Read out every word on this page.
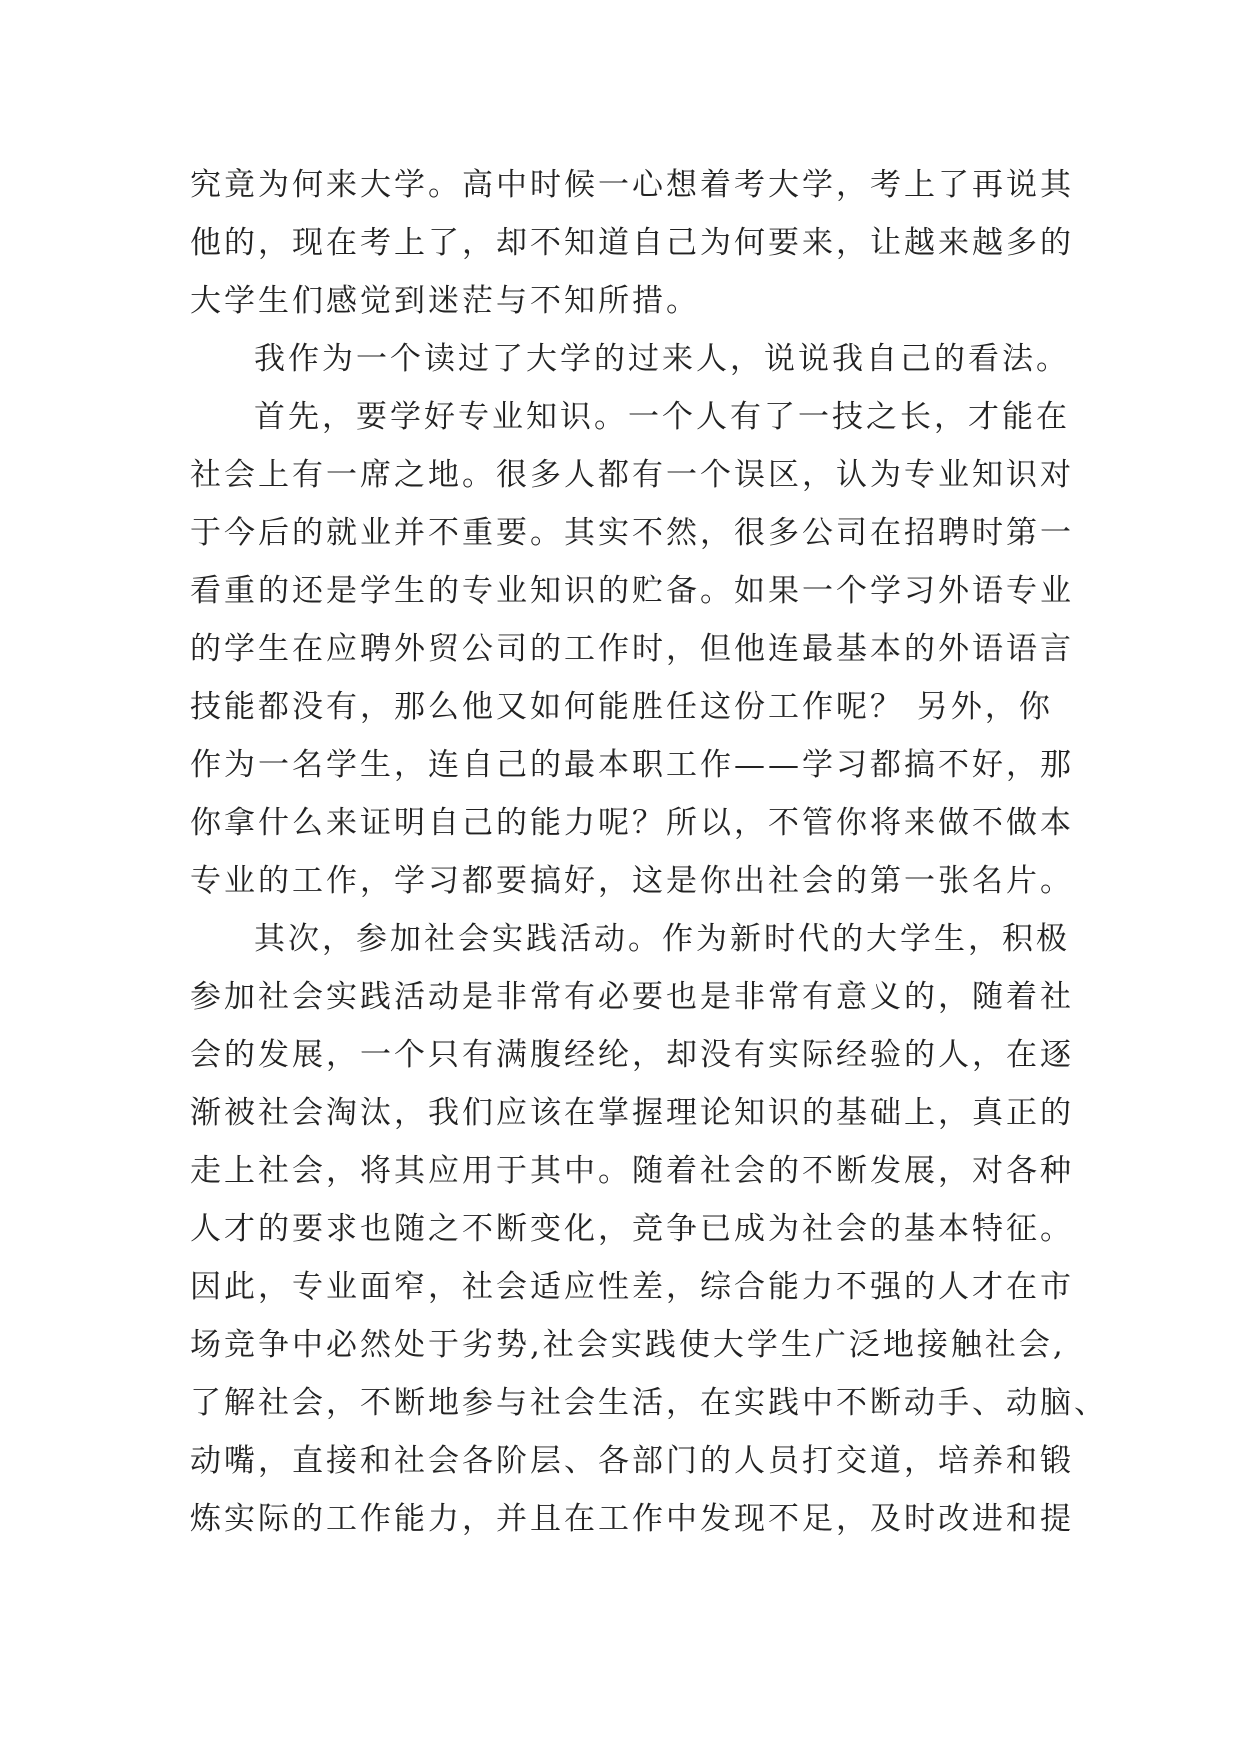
究竟为何来大学。高中时候一心想着考大学，考上了再说其
他的，现在考上了，却不知道自己为何要来，让越来越多的
大学生们感觉到迷茫与不知所措。
我作为一个读过了大学的过来人，说说我自己的看法。
首先，要学好专业知识。一个人有了一技之长，才能在
社会上有一席之地。很多人都有一个误区，认为专业知识对
于今后的就业并不重要。其实不然，很多公司在招聘时第一
看重的还是学生的专业知识的贮备。如果一个学习外语专业
的学生在应聘外贸公司的工作时，但他连最基本的外语语言
技能都没有，那么他又如何能胜任这份工作呢？ 另外，你
作为一名学生，连自己的最本职工作——学习都搞不好，那
你拿什么来证明自己的能力呢？所以，不管你将来做不做本
专业的工作，学习都要搞好，这是你出社会的第一张名片。
其次，参加社会实践活动。作为新时代的大学生，积极
参加社会实践活动是非常有必要也是非常有意义的，随着社
会的发展，一个只有满腹经纶，却没有实际经验的人，在逐
渐被社会淘汰，我们应该在掌握理论知识的基础上，真正的
走上社会，将其应用于其中。随着社会的不断发展，对各种
人才的要求也随之不断变化，竞争已成为社会的基本特征。
因此，专业面窄，社会适应性差，综合能力不强的人才在市
场竞争中必然处于劣势,社会实践使大学生广泛地接触社会,
了解社会，不断地参与社会生活，在实践中不断动手、动脑、
动嘴，直接和社会各阶层、各部门的人员打交道，培养和锻
炼实际的工作能力，并且在工作中发现不足，及时改进和提
